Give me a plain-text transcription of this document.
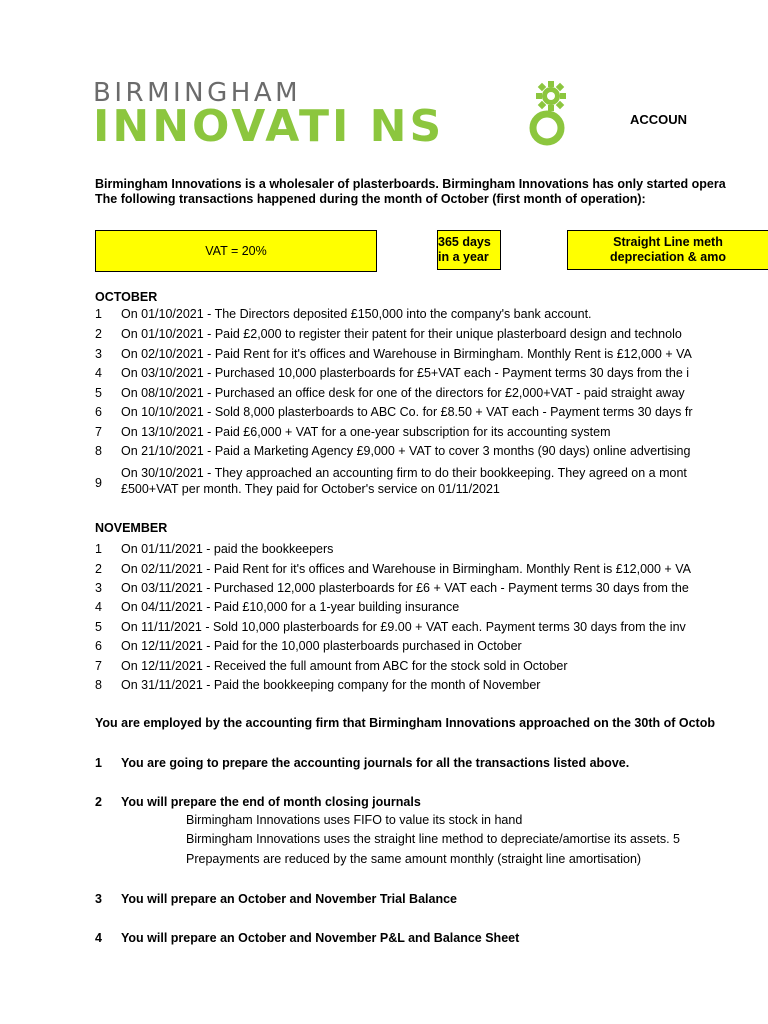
BIRMINGHAM
INNOVATI NS	ACCOUN
Birmingham Innovations is a wholesaler of plasterboards. Birmingham Innovations has only started opera
The following transactions happened during the month of October (first month of operation):
VAT = 20%
365 days
in a year
Straight Line meth
depreciation & amo
OCTOBER
1	On 01/10/2021 - The Directors deposited £150,000 into the company's bank account.
2	On 01/10/2021 - Paid £2,000 to register their patent for their unique plasterboard design and technolo
3	On 02/10/2021 - Paid Rent for it's offices and Warehouse in Birmingham. Monthly Rent is £12,000 + VA
4	On 03/10/2021 - Purchased 10,000 plasterboards for £5+VAT each - Payment terms 30 days from the i
5	On 08/10/2021 - Purchased an office desk for one of the directors for £2,000+VAT - paid straight away
6	On 10/10/2021 - Sold 8,000 plasterboards to ABC Co. for £8.50 + VAT each - Payment terms 30 days fr
7	On 13/10/2021 - Paid £6,000 + VAT for a one-year subscription for its accounting system
8	On 21/10/2021 - Paid a Marketing Agency £9,000 + VAT to cover 3 months (90 days) online advertising
9
On 30/10/2021 - They approached an accounting firm to do their bookkeeping. They agreed on a mont
£500+VAT per month. They paid for October's service on 01/11/2021
NOVEMBER
1	On 01/11/2021 - paid the bookkeepers
2	On 02/11/2021 - Paid Rent for it's offices and Warehouse in Birmingham. Monthly Rent is £12,000 + VA
3	On 03/11/2021 - Purchased 12,000 plasterboards for £6 + VAT each - Payment terms 30 days from the
4	On 04/11/2021 - Paid £10,000 for a 1-year building insurance
5	On 11/11/2021 - Sold 10,000 plasterboards for £9.00 + VAT each. Payment terms 30 days from the inv
6	On 12/11/2021 - Paid for the 10,000 plasterboards purchased in October
7	On 12/11/2021 - Received the full amount from ABC for the stock sold in October
8	On 31/11/2021 - Paid the bookkeeping company for the month of November
You are employed by the accounting firm that Birmingham Innovations approached on the 30th of Octob
1	You are going to prepare the accounting journals for all the transactions listed above.
2	You will prepare the end of month closing journals
Birmingham Innovations uses FIFO to value its stock in hand
Birmingham Innovations uses the straight line method to depreciate/amortise its assets. 5
Prepayments are reduced by the same amount monthly (straight line amortisation)
3	You will prepare an October and November Trial Balance
4	You will prepare an October and November P&L and Balance Sheet
